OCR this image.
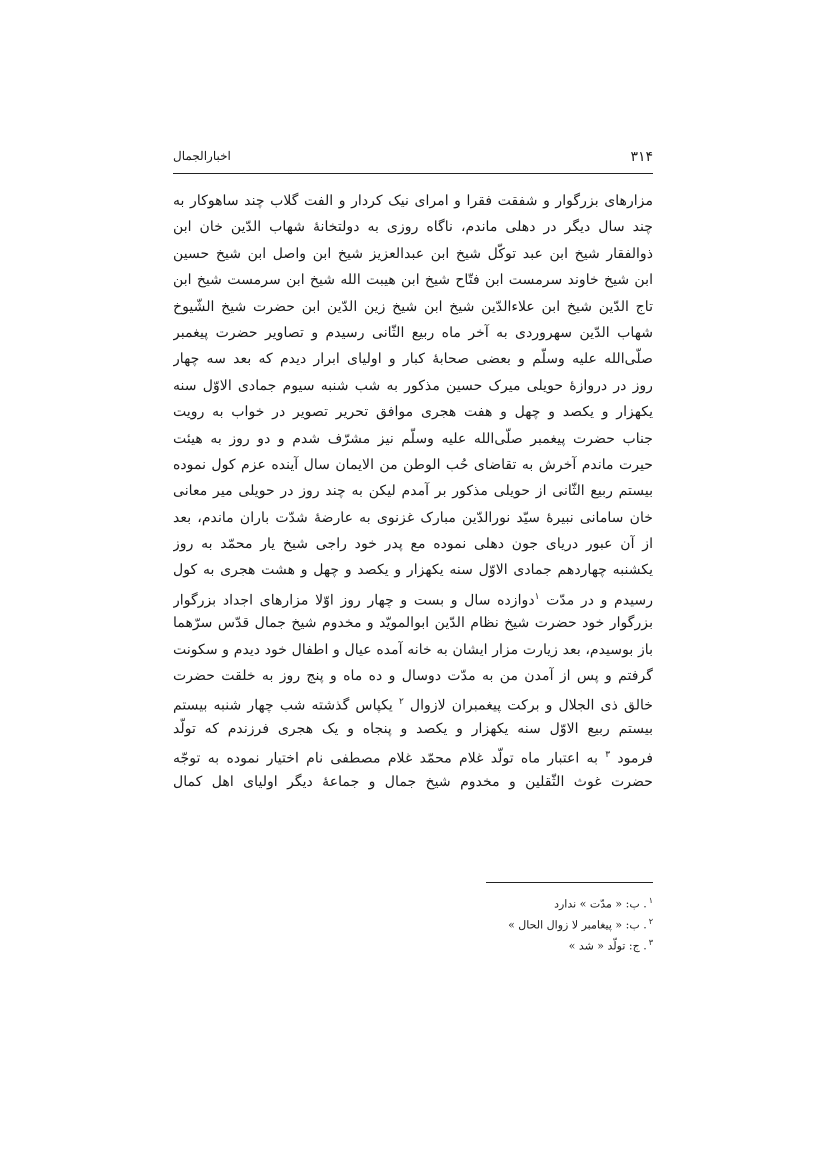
۳۱۴
اخبارالجمال
مزارهای بزرگوار و شفقت فقرا و امرای نیک کردار و الفت گلاب چند ساهوکار به
چند سال دیگر در دهلی ماندم، ناگاه روزی به دولتخانهٔ شهاب الدّین خان ابن
ذوالفقار شیخ ابن عبد توکّل شیخ ابن عبدالعزیز شیخ ابن واصل ابن شیخ حسین
ابن شیخ خاوند سرمست ابن فتّاح شیخ ابن هیبت الله شیخ ابن سرمست شیخ ابن
تاج الدّین شیخ ابن علاءالدّین شیخ ابن شیخ زین الدّین ابن حضرت شیخ الشّیوخ
شهاب الدّین سهروردی به آخر ماه ربیع الثّانی رسیدم و تصاویر حضرت پیغمبر
صلّی‌الله علیه وسلّم و بعضی صحابهٔ کبار و اولیای ابرار دیدم که بعد سه چهار
روز در دروازهٔ حویلی میرک حسین مذکور به شب شنبه سیوم جمادی الاوّل سنه
یکهزار و یکصد و چهل و هفت هجری موافق تحریر تصویر در خواب به رویت
جناب حضرت پیغمبر صلّی‌الله علیه وسلّم نیز مشرّف شدم و دو روز به هیئت
حیرت ماندم آخرش به تقاضای حُب الوطن من الایمان سال آینده عزم کول نموده
بیستم ربیع الثّانی از حویلی مذکور بر آمدم لیکن به چند روز در حویلی میر معانی
خان سامانی نبیرهٔ سیّد نورالدّین مبارک غزنوی به عارضهٔ شدّت باران ماندم، بعد
از آن عبور دریای جون دهلی نموده مع پدر خود راجی شیخ یار محمّد به روز
یکشنبه چهاردهم جمادی الاوّل سنه یکهزار و یکصد و چهل و هشت هجری به کول
رسیدم و در مدّت $^۱$دوازده سال و بست و چهار روز اوّلا مزارهای اجداد بزرگوار
بزرگوار خود حضرت شیخ نظام الدّین ابوالمویّد و مخدوم شیخ جمال قدّس سرّهما
باز بوسیدم، بعد زیارت مزار ایشان به خانه آمده عیال و اطفال خود دیدم و سکونت
گرفتم و پس از آمدن من به مدّت دوسال و ده ماه و پنج روز به خلقت حضرت
خالق ذی الجلال و برکت پیغمبران لازوال $^۲$ یکپاس گذشته شب چهار شنبه بیستم
بیستم ربیع الاوّل سنه یکهزار و یکصد و پنجاه و یک هجری فرزندم که تولّد
فرمود $^۳$ به اعتبار ماه تولّد غلام محمّد غلام مصطفی نام اختیار نموده به توجّه
حضرت غوث الثّقلین و مخدوم شیخ جمال و جماعهٔ دیگر اولیای اهل کمال
$^۱$. ب: « مدّت » ندارد
$^۲$. ب: « پیغامبر لا زوال الحال »
$^۳$. ج: تولّد « شد »
